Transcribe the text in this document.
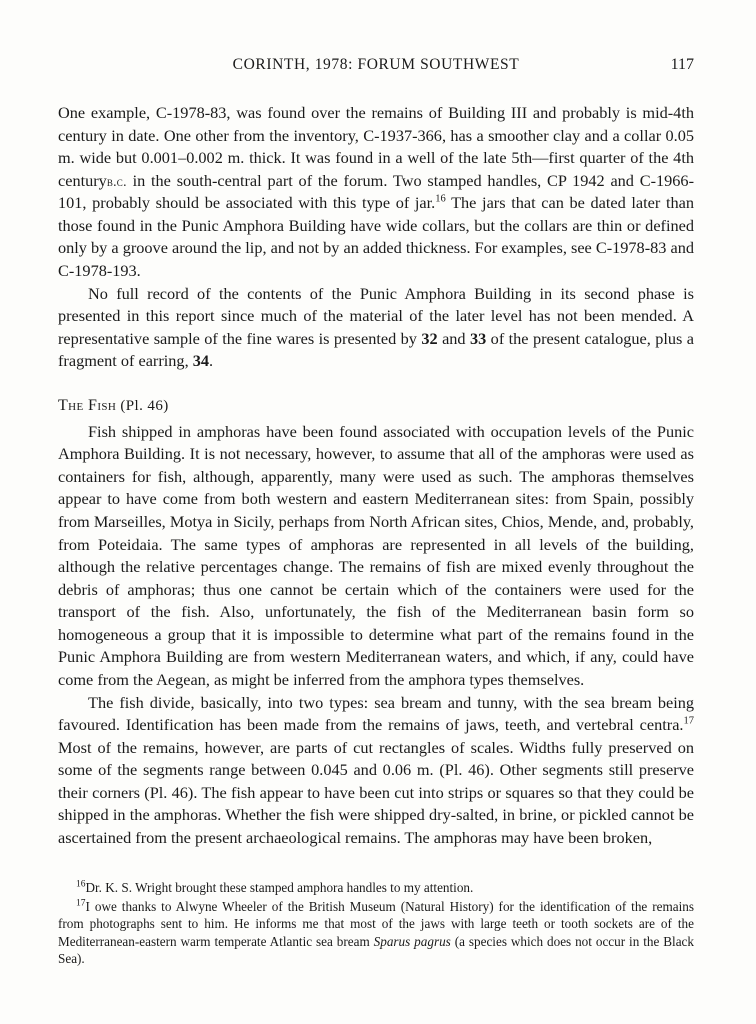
CORINTH, 1978: FORUM SOUTHWEST	117

One example, C-1978-83, was found over the remains of Building III and probably is mid-4th century in date. One other from the inventory, C-1937-366, has a smoother clay and a collar 0.05 m. wide but 0.001–0.002 m. thick. It was found in a well of the late 5th—first quarter of the 4th centuryb.c. in the south-central part of the forum. Two stamped handles, CP 1942 and C-1966-101, probably should be associated with this type of jar.$^{16}$ The jars that can be dated later than those found in the Punic Amphora Building have wide collars, but the collars are thin or defined only by a groove around the lip, and not by an added thickness. For examples, see C-1978-83 and C-1978-193.

No full record of the contents of the Punic Amphora Building in its second phase is presented in this report since much of the material of the later level has not been mended. A representative sample of the fine wares is presented by 32 and 33 of the present catalogue, plus a fragment of earring, 34.

The Fish (Pl. 46)

Fish shipped in amphoras have been found associated with occupation levels of the Punic Amphora Building. It is not necessary, however, to assume that all of the amphoras were used as containers for fish, although, apparently, many were used as such. The amphoras themselves appear to have come from both western and eastern Mediterranean sites: from Spain, possibly from Marseilles, Motya in Sicily, perhaps from North African sites, Chios, Mende, and, probably, from Poteidaia. The same types of amphoras are represented in all levels of the building, although the relative percentages change. The remains of fish are mixed evenly throughout the debris of amphoras; thus one cannot be certain which of the containers were used for the transport of the fish. Also, unfortunately, the fish of the Mediterranean basin form so homogeneous a group that it is impossible to determine what part of the remains found in the Punic Amphora Building are from western Mediterranean waters, and which, if any, could have come from the Aegean, as might be inferred from the amphora types themselves.

The fish divide, basically, into two types: sea bream and tunny, with the sea bream being favoured. Identification has been made from the remains of jaws, teeth, and vertebral centra.$^{17}$ Most of the remains, however, are parts of cut rectangles of scales. Widths fully preserved on some of the segments range between 0.045 and 0.06 m. (Pl. 46). Other segments still preserve their corners (Pl. 46). The fish appear to have been cut into strips or squares so that they could be shipped in the amphoras. Whether the fish were shipped dry-salted, in brine, or pickled cannot be ascertained from the present archaeological remains. The amphoras may have been broken,

$^{16}$Dr. K. S. Wright brought these stamped amphora handles to my attention.

$^{17}$I owe thanks to Alwyne Wheeler of the British Museum (Natural History) for the identification of the remains from photographs sent to him. He informs me that most of the jaws with large teeth or tooth sockets are of the Mediterranean-eastern warm temperate Atlantic sea bream Sparus pagrus (a species which does not occur in the Black Sea).
